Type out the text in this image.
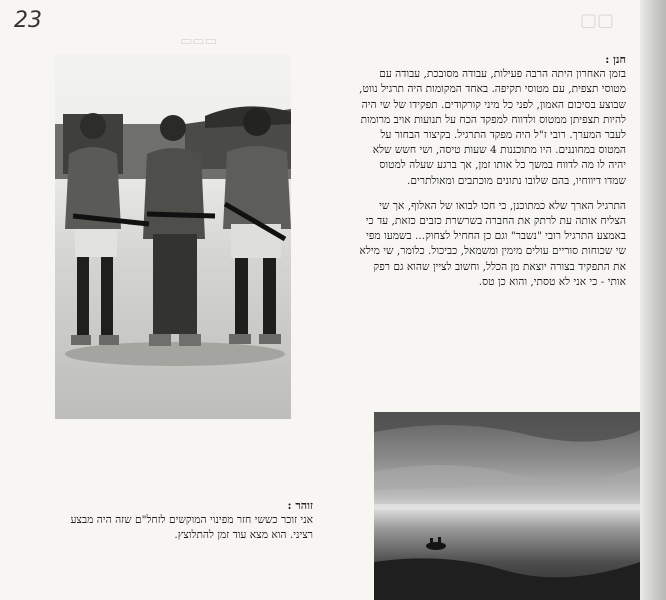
▭▭▭
▢▢
23

חנן :

בזמן האחרון היתה הרבה פעילות, עבודה מסובכת, עבודה עם מטוסי תצפית, עם מטוסי תקיפה. באחד המקומות היה תרגיל נווט, שבוצע בסיכום האמון, לפני כל מיני קורקודים. תפקידו של שי היה להיות תצפיתן ממטוס ולדווח למפקד הכח על תנועות אויב מרומות לעבר המערך. רובי ז"ל היה מפקד התרגיל. בקיצור הבחור על המטוס במחוננים. היו מתוכננות 4 שעות טיסה, ושי חשש שלא יהיה לו מה לדווח במשך כל אותו זמן, אך ברגע שעלה למטוס שמדו דיווחיו, בהם שלובו נתונים מוכתבים ומאולתרים.

התרגיל הארך שלא כמתוכנן, כי חכו לבואו של האלוף, אך שי הצליח אותה עת לרתק את החברה בשרשרת כזבים כזאת, עד כי באמצע התרגיל רובי "נשבר" וגם כן החחיל לצחוק... בשמעו מפי שי שכוחות סוריים עולים מימין ומשמאל, כביכול. כלומר, שי מילא את התפקיד בצורה יוצאת מן הכלל, וחשוב לציין שהוא גם רפק אותי - כי אני לא טסתי, והוא כן טס.

זוהר :

אני זוכר כששי חזר מפינוי המוקשים לזחל"ם שזה היה מבצע רציני. הוא מצא עוד זמן להתלוצץ.
